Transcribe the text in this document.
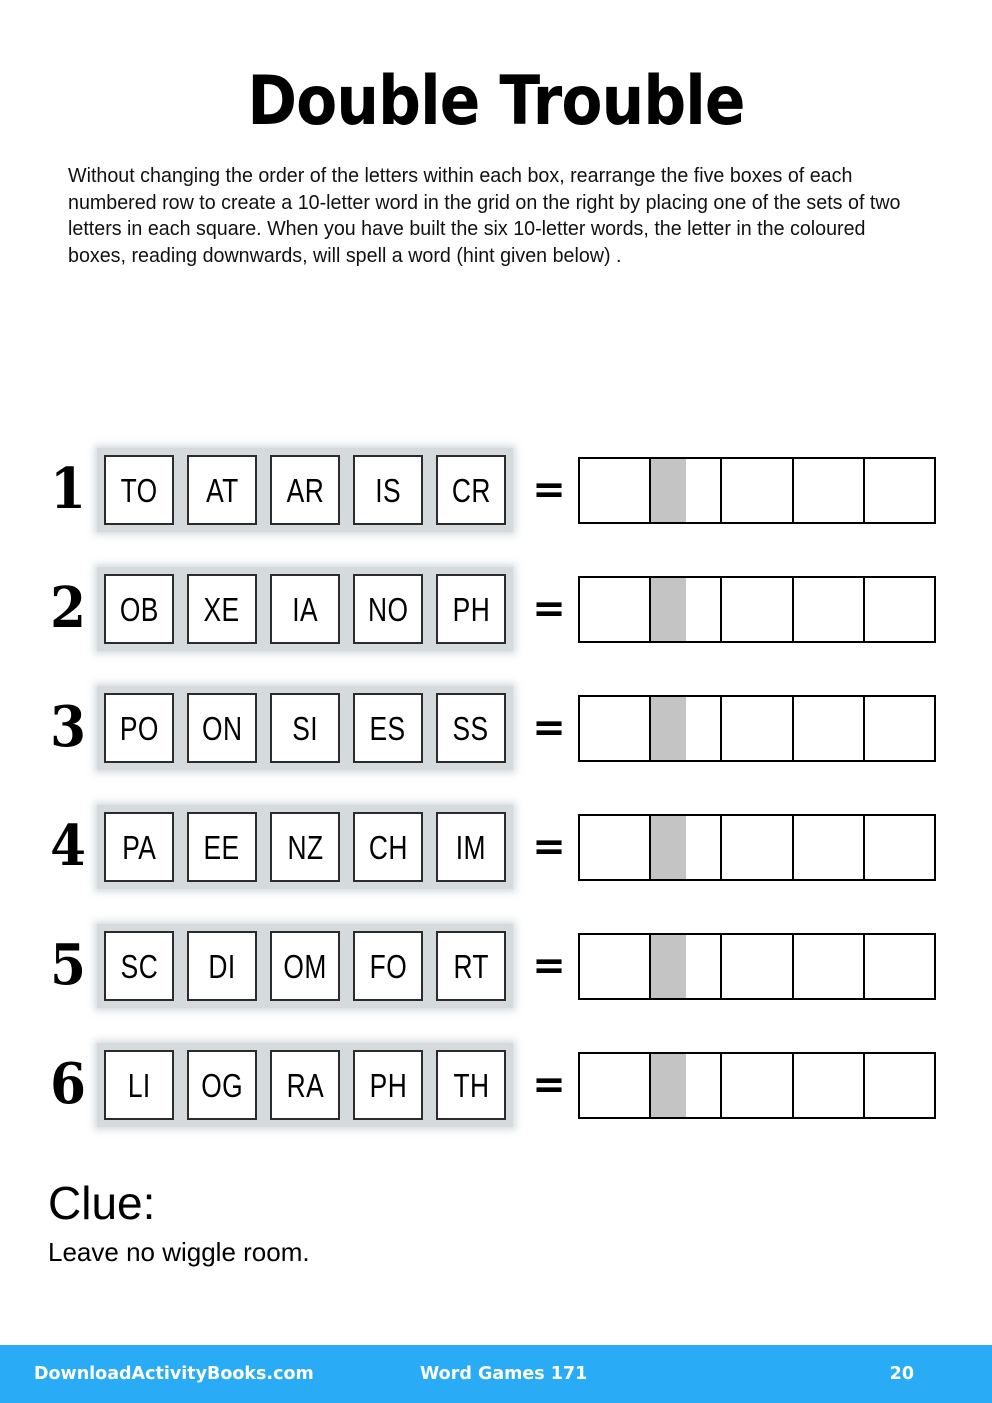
Double Trouble
Without changing the order of the letters within each box, rearrange the five boxes of each numbered row to create a 10-letter word in the grid on the right by placing one of the sets of two letters in each square. When you have built the six 10-letter words, the letter in the coloured boxes, reading downwards, will spell a word (hint given below) .
1 TO AT AR IS CR =
2 OB XE IA NO PH =
3 PO ON SI ES SS =
4 PA EE NZ CH IM =
5 SC DI OM FO RT =
6 LI OG RA PH TH =
Clue:
Leave no wiggle room.
DownloadActivityBooks.com	Word Games 171	20
